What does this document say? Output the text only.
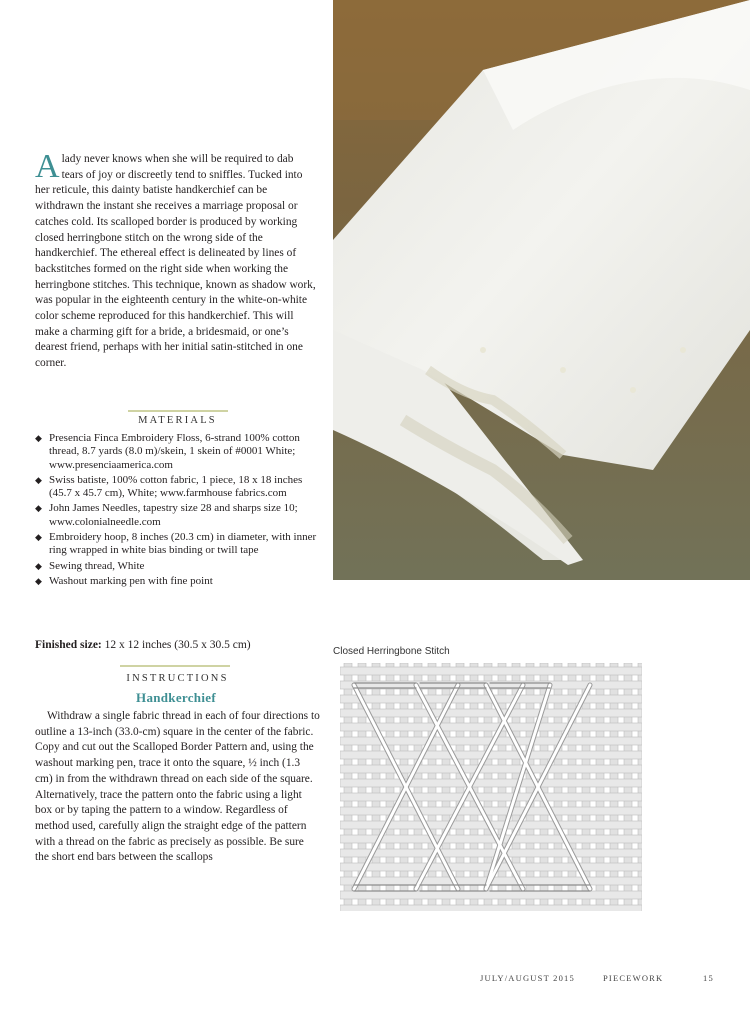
Alady never knows when she will be required to dab tears of joy or discreetly tend to sniffles. Tucked into her reticule, this dainty batiste handkerchief can be withdrawn the instant she receives a marriage proposal or catches cold. Its scalloped border is produced by working closed herringbone stitch on the wrong side of the handkerchief. The ethereal effect is delineated by lines of backstitches formed on the right side when working the herringbone stitches. This technique, known as shadow work, was popular in the eighteenth century in the white-on-white color scheme reproduced for this handkerchief. This will make a charming gift for a bride, a bridesmaid, or one’s dearest friend, perhaps with her initial satin-stitched in one corner.

MATERIALS
◆ Presencia Finca Embroidery Floss, 6-strand 100% cotton thread, 8.7 yards (8.0 m)/skein, 1 skein of #0001 White; www.presenciaamerica.com
◆ Swiss batiste, 100% cotton fabric, 1 piece, 18 x 18 inches (45.7 x 45.7 cm), White; www.farmhouse fabrics.com
◆ John James Needles, tapestry size 28 and sharps size 10; www.colonialneedle.com
◆ Embroidery hoop, 8 inches (20.3 cm) in diameter, with inner ring wrapped in white bias binding or twill tape
◆ Sewing thread, White
◆ Washout marking pen with fine point
Finished size: 12 x 12 inches (30.5 x 30.5 cm)
INSTRUCTIONS
Handkerchief

Withdraw a single fabric thread in each of four directions to outline a 13-inch (33.0-cm) square in the center of the fabric. Copy and cut out the Scalloped Border Pattern and, using the washout marking pen, trace it onto the square, ½ inch (1.3 cm) in from the withdrawn thread on each side of the square. Alternatively, trace the pattern onto the fabric using a light box or by taping the pattern to a window. Regardless of method used, carefully align the straight edge of the pattern with a thread on the fabric as precisely as possible. Be sure the short end bars between the scallops

Closed Herringbone Stitch
JULY/AUGUST 2015	PIECEWORK	15
